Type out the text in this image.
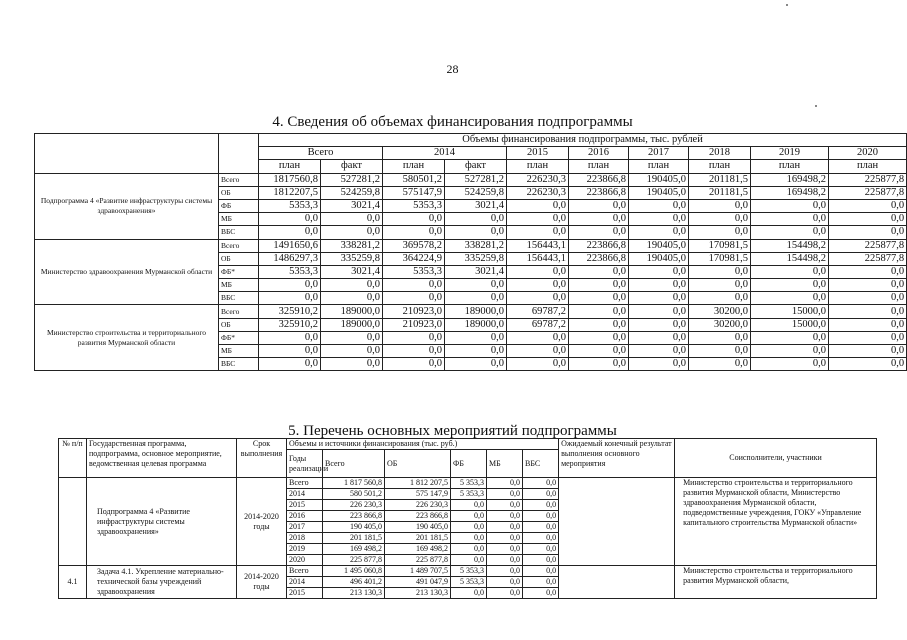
28
4. Сведения об объемах финансирования подпрограммы
		Объемы финансирования подпрограммы, тыс. рублей									
		Всего		2014		2015	2016	2017	2018	2019	2020
		план	факт	план	факт	план	план	план	план	план	план
Подпрограмма 4 «Развитие инфраструктуры системы здравоохранения»	Всего	1817560,8	527281,2	580501,2	527281,2	226230,3	223866,8	190405,0	201181,5	169498,2	225877,8
	ОБ	1812207,5	524259,8	575147,9	524259,8	226230,3	223866,8	190405,0	201181,5	169498,2	225877,8
	ФБ	5353,3	3021,4	5353,3	3021,4	0,0	0,0	0,0	0,0	0,0	0,0
	МБ	0,0	0,0	0,0	0,0	0,0	0,0	0,0	0,0	0,0	0,0
	ВБС	0,0	0,0	0,0	0,0	0,0	0,0	0,0	0,0	0,0	0,0
Министерство здравоохранения Мурманской области	Всего	1491650,6	338281,2	369578,2	338281,2	156443,1	223866,8	190405,0	170981,5	154498,2	225877,8
	ОБ	1486297,3	335259,8	364224,9	335259,8	156443,1	223866,8	190405,0	170981,5	154498,2	225877,8
	ФБ*	5353,3	3021,4	5353,3	3021,4	0,0	0,0	0,0	0,0	0,0	0,0
	МБ	0,0	0,0	0,0	0,0	0,0	0,0	0,0	0,0	0,0	0,0
	ВБС	0,0	0,0	0,0	0,0	0,0	0,0	0,0	0,0	0,0	0,0
Министерство строительства и территориального развития Мурманской области	Всего	325910,2	189000,0	210923,0	189000,0	69787,2	0,0	0,0	30200,0	15000,0	0,0
	ОБ	325910,2	189000,0	210923,0	189000,0	69787,2	0,0	0,0	30200,0	15000,0	0,0
	ФБ*	0,0	0,0	0,0	0,0	0,0	0,0	0,0	0,0	0,0	0,0
	МБ	0,0	0,0	0,0	0,0	0,0	0,0	0,0	0,0	0,0	0,0
	ВБС	0,0	0,0	0,0	0,0	0,0	0,0	0,0	0,0	0,0	0,0
5. Перечень основных мероприятий подпрограммы
№ п/п	Государственная программа, подпрограмма, основное мероприятие, ведомственная целевая программа	Срок выполнения	Объемы и источники финансирования (тыс. руб.)						Ожидаемый конечный результат выполнения основного мероприятия	Соисполнители, участники
			Годы реализации	Всего	ОБ	ФБ	МБ	ВБС		
	Подпрограмма 4 «Развитие инфраструктуры системы здравоохранения»	2014-2020 годы	Всего	1 817 560,8	1 812 207,5	5 353,3	0,0	0,0		Министерство строительства и территориального развития Мурманской области, Министерство здравоохранения Мурманской области, подведомственные учреждения, ГОКУ «Управление капитального строительства Мурманской области»
			2014	580 501,2	575 147,9	5 353,3	0,0	0,0		
			2015	226 230,3	226 230,3	0,0	0,0	0,0		
			2016	223 866,8	223 866,8	0,0	0,0	0,0		
			2017	190 405,0	190 405,0	0,0	0,0	0,0		
			2018	201 181,5	201 181,5	0,0	0,0	0,0		
			2019	169 498,2	169 498,2	0,0	0,0	0,0		
			2020	225 877,8	225 877,8	0,0	0,0	0,0		
4.1	Задача 4.1. Укрепление материально-технической базы учреждений здравоохранения	2014-2020 годы	Всего	1 495 060,8	1 489 707,5	5 353,3	0,0	0,0		Министерство строительства и территориального развития Мурманской области,
			2014	496 401,2	491 047,9	5 353,3	0,0	0,0		
			2015	213 130,3	213 130,3	0,0	0,0	0,0		
